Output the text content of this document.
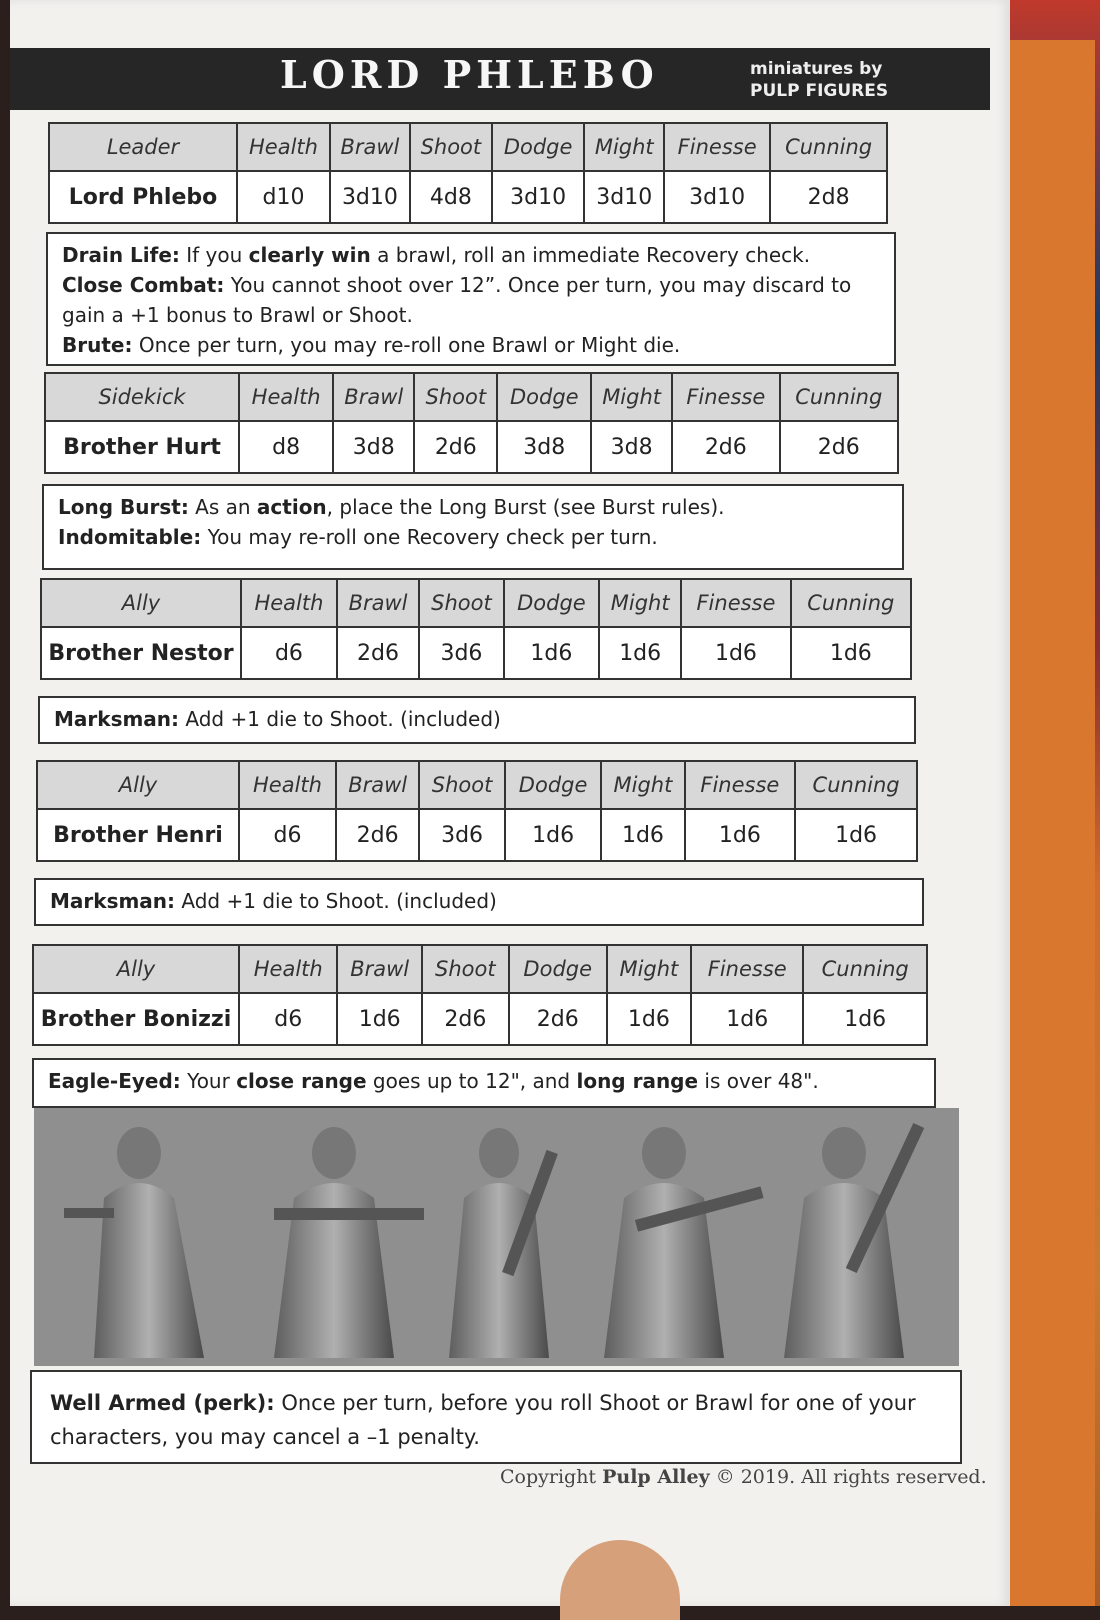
LORD PHLEBO	miniatures by
PULP FIGURES
Leader	Health	Brawl	Shoot	Dodge	Might	Finesse	Cunning
Lord Phlebo	d10	3d10	4d8	3d10	3d10	3d10	2d8
Drain Life: If you clearly win a brawl, roll an immediate Recovery check.
Close Combat: You cannot shoot over 12”. Once per turn, you may discard to gain a +1 bonus to Brawl or Shoot.
Brute: Once per turn, you may re-roll one Brawl or Might die.
Sidekick	Health	Brawl	Shoot	Dodge	Might	Finesse	Cunning
Brother Hurt	d8	3d8	2d6	3d8	3d8	2d6	2d6
Long Burst: As an action, place the Long Burst (see Burst rules).
Indomitable: You may re-roll one Recovery check per turn.
Ally	Health	Brawl	Shoot	Dodge	Might	Finesse	Cunning
Brother Nestor	d6	2d6	3d6	1d6	1d6	1d6	1d6
Marksman: Add +1 die to Shoot. (included)
Ally	Health	Brawl	Shoot	Dodge	Might	Finesse	Cunning
Brother Henri	d6	2d6	3d6	1d6	1d6	1d6	1d6
Marksman: Add +1 die to Shoot. (included)
Ally	Health	Brawl	Shoot	Dodge	Might	Finesse	Cunning
Brother Bonizzi	d6	1d6	2d6	2d6	1d6	1d6	1d6
Eagle-Eyed: Your close range goes up to 12", and long range is over 48".
Well Armed (perk): Once per turn, before you roll Shoot or Brawl for one of your characters, you may cancel a –1 penalty.
Copyright Pulp Alley © 2019. All rights reserved.
